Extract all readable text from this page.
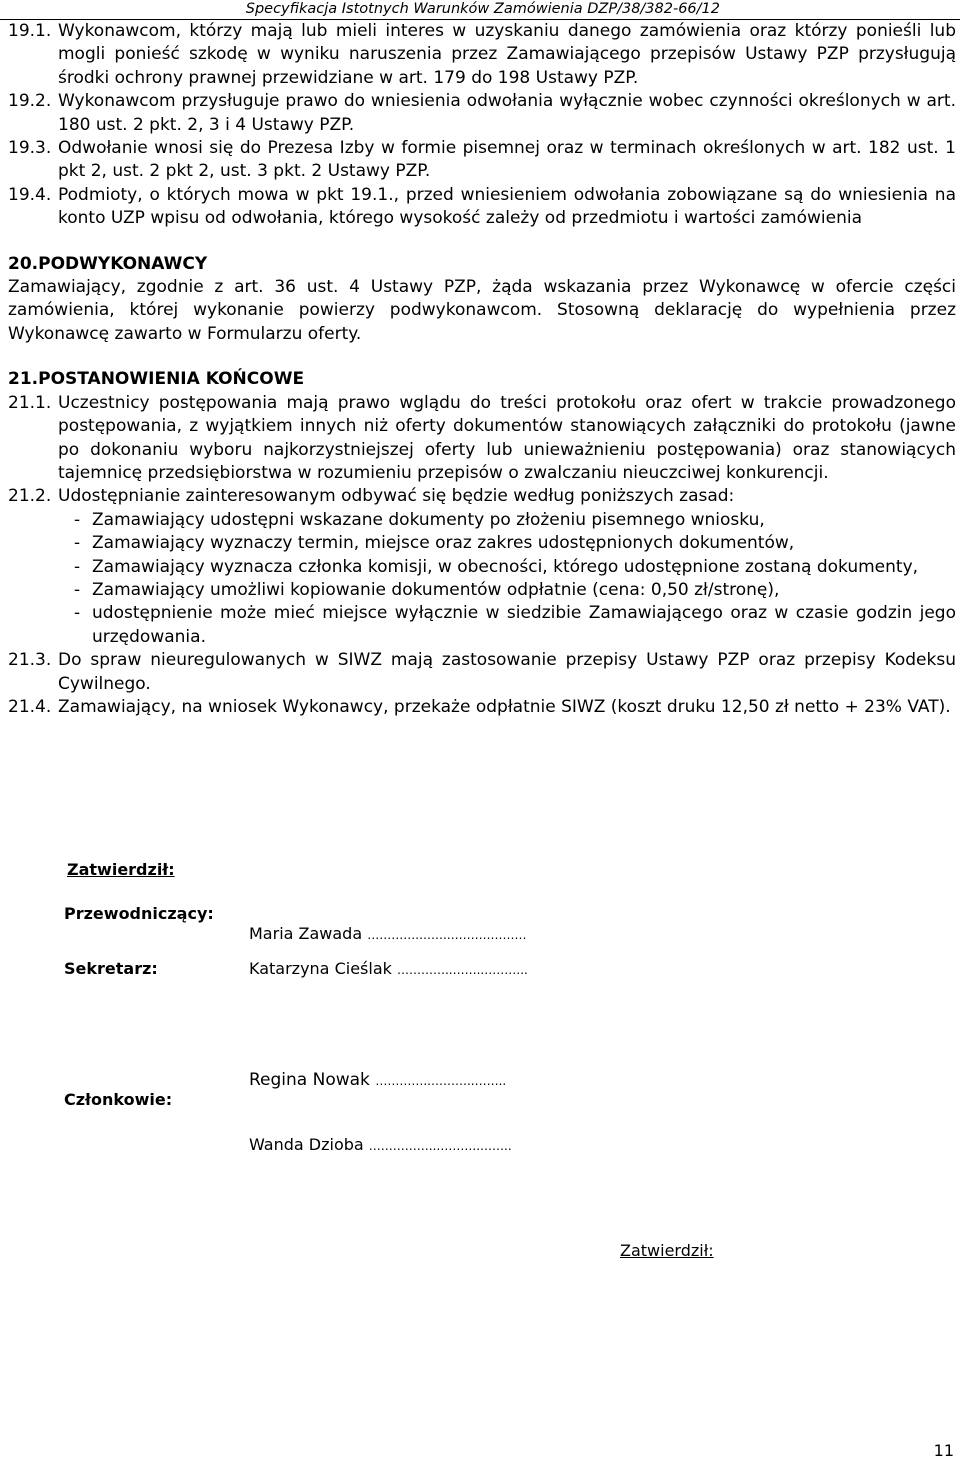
Specyfikacja Istotnych Warunków Zamówienia DZP/38/382-66/12
19.1. Wykonawcom, którzy mają lub mieli interes w uzyskaniu danego zamówienia oraz którzy ponieśli lub mogli ponieść szkodę w wyniku naruszenia przez Zamawiającego przepisów Ustawy PZP przysługują środki ochrony prawnej przewidziane w art. 179 do 198 Ustawy PZP.
19.2. Wykonawcom przysługuje prawo do wniesienia odwołania wyłącznie wobec czynności określonych w art. 180 ust. 2 pkt. 2, 3 i 4 Ustawy PZP.
19.3. Odwołanie wnosi się do Prezesa Izby w formie pisemnej oraz w terminach określonych w art. 182 ust. 1 pkt 2, ust. 2 pkt 2, ust. 3 pkt. 2 Ustawy PZP.
19.4. Podmioty, o których mowa w pkt 19.1., przed wniesieniem odwołania zobowiązane są do wniesienia na konto UZP wpisu od odwołania, którego wysokość zależy od przedmiotu i wartości zamówienia
20.PODWYKONAWCY
Zamawiający, zgodnie z art. 36 ust. 4 Ustawy PZP, żąda wskazania przez Wykonawcę w ofercie części zamówienia, której wykonanie powierzy podwykonawcom. Stosowną deklarację do wypełnienia przez Wykonawcę zawarto w Formularzu oferty.
21.POSTANOWIENIA KOŃCOWE
21.1. Uczestnicy postępowania mają prawo wglądu do treści protokołu oraz ofert w trakcie prowadzonego postępowania, z wyjątkiem innych niż oferty dokumentów stanowiących załączniki do protokołu (jawne po dokonaniu wyboru najkorzystniejszej oferty lub unieważnieniu postępowania) oraz stanowiących tajemnicę przedsiębiorstwa w rozumieniu przepisów o zwalczaniu nieuczciwej konkurencji.
21.2. Udostępnianie zainteresowanym odbywać się będzie według poniższych zasad:
- Zamawiający udostępni wskazane dokumenty po złożeniu pisemnego wniosku,
- Zamawiający wyznaczy termin, miejsce oraz zakres udostępnionych dokumentów,
- Zamawiający wyznacza członka komisji, w obecności, którego udostępnione zostaną dokumenty,
- Zamawiający umożliwi kopiowanie dokumentów odpłatnie (cena: 0,50 zł/stronę),
- udostępnienie może mieć miejsce wyłącznie w siedzibie Zamawiającego oraz w czasie godzin jego urzędowania.
21.3. Do spraw nieuregulowanych w SIWZ mają zastosowanie przepisy Ustawy PZP oraz przepisy Kodeksu Cywilnego.
21.4. Zamawiający, na wniosek Wykonawcy, przekaże odpłatnie SIWZ (koszt druku 12,50 zł netto + 23% VAT).
Zatwierdził:
Przewodniczący:
Maria Zawada ………….……..……….………
Sekretarz:	Katarzyna Cieślak …………..……..………..
Regina Nowak …………..………..……..
Członkowie:
Wanda Dzioba ……………..………..……..
Zatwierdził:
11
